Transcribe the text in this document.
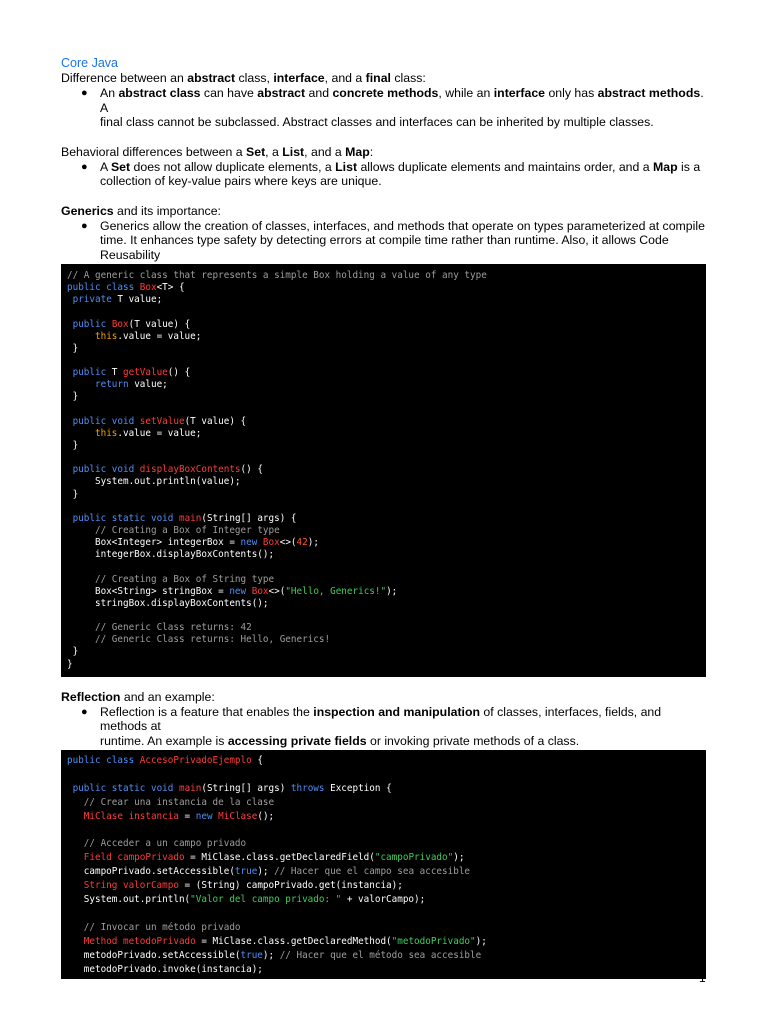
Core Java

Difference between an abstract class, interface, and a final class:

● An abstract class can have abstract and concrete methods, while an interface only has abstract methods. A
final class cannot be subclassed. Abstract classes and interfaces can be inherited by multiple classes.

Behavioral differences between a Set, a List, and a Map:

● A Set does not allow duplicate elements, a List allows duplicate elements and maintains order, and a Map is a
collection of key-value pairs where keys are unique.

Generics and its importance:

● Generics allow the creation of classes, interfaces, and methods that operate on types parameterized at compile
time. It enhances type safety by detecting errors at compile time rather than runtime. Also, it allows Code
Reusability
// A generic class that represents a simple Box holding a value of any type
public class Box<T> {
private T value;
public Box(T value) {
this.value = value;
}
public T getValue() {
return value;
}
public void setValue(T value) {
this.value = value;
}
public void displayBoxContents() {
System.out.println(value);
}
public static void main(String[] args) {
// Creating a Box of Integer type
Box<Integer> integerBox = new Box<>(42);
integerBox.displayBoxContents();
// Creating a Box of String type
Box<String> stringBox = new Box<>("Hello, Generics!");
stringBox.displayBoxContents();
// Generic Class returns: 42
// Generic Class returns: Hello, Generics!
}
}

Reflection and an example:

● Reflection is a feature that enables the inspection and manipulation of classes, interfaces, fields, and methods at
runtime. An example is accessing private fields or invoking private methods of a class.
public class AccesoPrivadoEjemplo {
public static void main(String[] args) throws Exception {
// Crear una instancia de la clase
MiClase instancia = new MiClase();
// Acceder a un campo privado
Field campoPrivado = MiClase.class.getDeclaredField("campoPrivado");
campoPrivado.setAccessible(true); // Hacer que el campo sea accesible
String valorCampo = (String) campoPrivado.get(instancia);
System.out.println("Valor del campo privado: " + valorCampo);
// Invocar un método privado
Method metodoPrivado = MiClase.class.getDeclaredMethod("metodoPrivado");
metodoPrivado.setAccessible(true); // Hacer que el método sea accesible
metodoPrivado.invoke(instancia);
1
